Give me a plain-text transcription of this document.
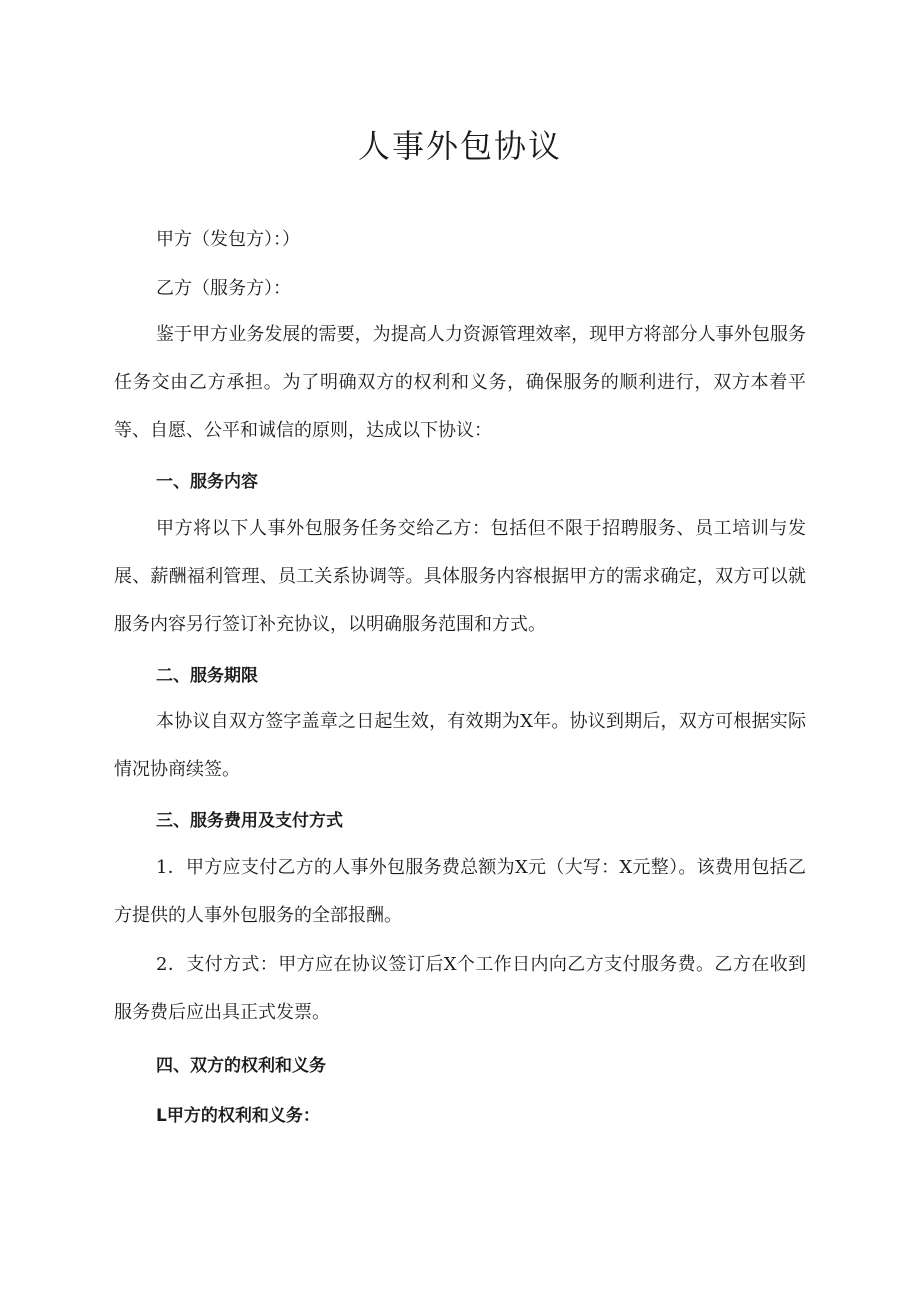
人事外包协议

甲方（发包方）：）

乙方（服务方）：

鉴于甲方业务发展的需要，为提高人力资源管理效率，现甲方将部分人事外包服务任务交由乙方承担。为了明确双方的权利和义务，确保服务的顺利进行，双方本着平等、自愿、公平和诚信的原则，达成以下协议：

一、服务内容

甲方将以下人事外包服务任务交给乙方：包括但不限于招聘服务、员工培训与发展、薪酬福利管理、员工关系协调等。具体服务内容根据甲方的需求确定，双方可以就服务内容另行签订补充协议，以明确服务范围和方式。

二、服务期限

本协议自双方签字盖章之日起生效，有效期为X年。协议到期后，双方可根据实际情况协商续签。

三、服务费用及支付方式

1．甲方应支付乙方的人事外包服务费总额为X元（大写：X元整）。该费用包括乙方提供的人事外包服务的全部报酬。

2．支付方式：甲方应在协议签订后X个工作日内向乙方支付服务费。乙方在收到服务费后应出具正式发票。

四、双方的权利和义务

L甲方的权利和义务：
